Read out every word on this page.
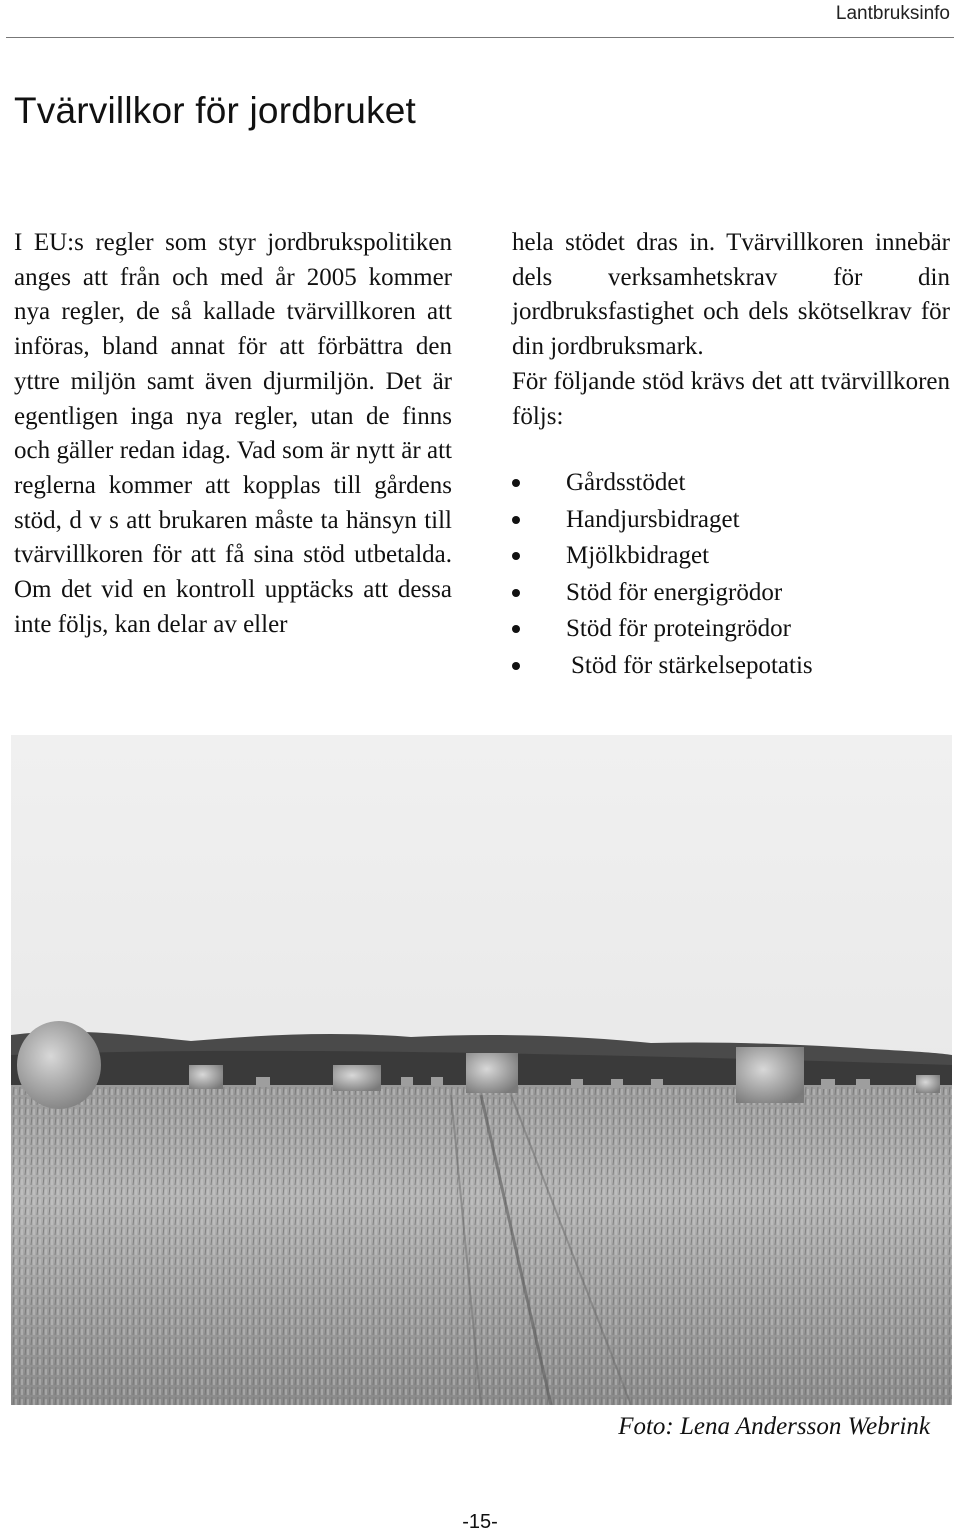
Lantbruksinfo
Tvärvillkor för jordbruket

I EU:s regler som styr jordbrukspolitiken anges att från och med år 2005 kommer nya regler, de så kallade tvärvillkoren att införas, bland annat för att förbättra den yttre miljön samt även djurmiljön. Det är egentligen inga nya regler, utan de finns och gäller redan idag. Vad som är nytt är att reglerna kommer att kopplas till gårdens stöd, d v s att brukaren måste ta hänsyn till tvärvillkoren för att få sina stöd utbetalda. Om det vid en kontroll upptäcks att dessa inte följs, kan delar av eller

hela stödet dras in. Tvärvillkoren innebär dels verksamhetskrav för din jordbruksfastighet och dels skötselkrav för din jordbruksmark.

För följande stöd krävs det att tvärvillkoren följs:

Gårdsstödet
Handjursbidraget
Mjölkbidraget
Stöd för energigrödor
Stöd för proteingrödor
Stöd för stärkelsepotatis
Foto: Lena Andersson Webrink
-15-
